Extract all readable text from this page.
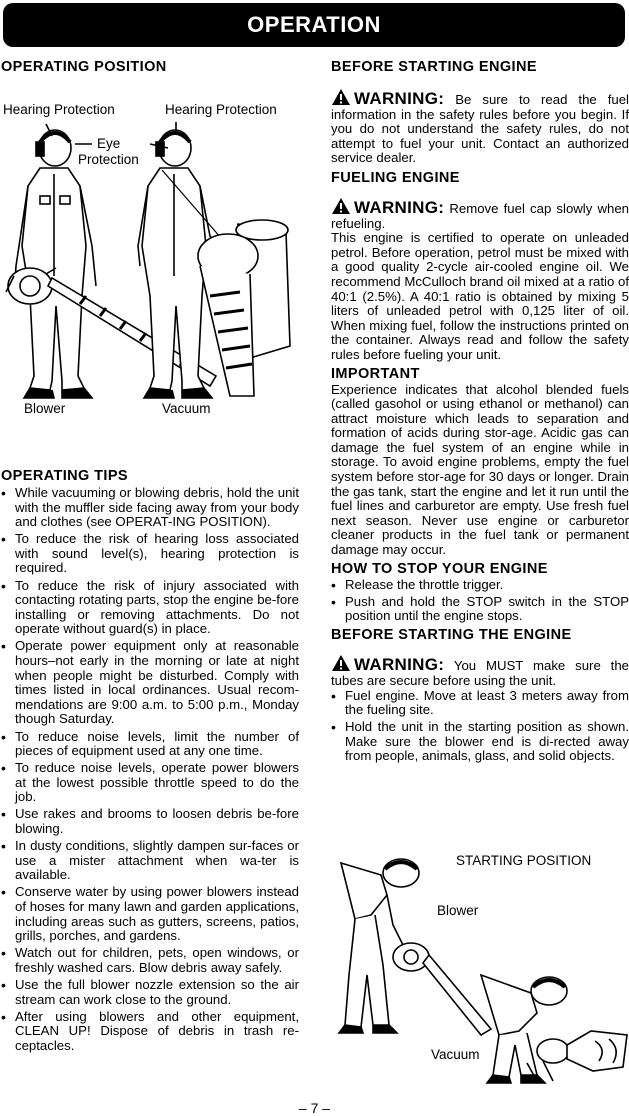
OPERATION
OPERATING POSITION
Hearing Protection	Hearing Protection
Eye
Protection
Blower	Vacuum
OPERATING TIPS
• While vacuuming or blowing debris, hold the unit with the muffler side facing away from your body and clothes (see OPERAT-ING POSITION).
• To reduce the risk of hearing loss associated with sound level(s), hearing protection is required.
• To reduce the risk of injury associated with contacting rotating parts, stop the engine be-fore installing or removing attachments. Do not operate without guard(s) in place.
• Operate power equipment only at reasonable hours–not early in the morning or late at night when people might be disturbed. Comply with times listed in local ordinances. Usual recom-mendations are 9:00 a.m. to 5:00 p.m., Monday though Saturday.
• To reduce noise levels, limit the number of pieces of equipment used at any one time.
• To reduce noise levels, operate power blowers at the lowest possible throttle speed to do the job.
• Use rakes and brooms to loosen debris be-fore blowing.
• In dusty conditions, slightly dampen sur-faces or use a mister attachment when wa-ter is available.
• Conserve water by using power blowers instead of hoses for many lawn and garden applications, including areas such as gutters, screens, patios, grills, porches, and gardens.
• Watch out for children, pets, open windows, or freshly washed cars. Blow debris away safely.
• Use the full blower nozzle extension so the air stream can work close to the ground.
• After using blowers and other equipment, CLEAN UP! Dispose of debris in trash re-ceptacles.
BEFORE STARTING ENGINE

WARNING: Be sure to read the fuel information in the safety rules before you begin. If you do not understand the safety rules, do not attempt to fuel your unit. Contact an authorized service dealer.

FUELING ENGINE

WARNING: Remove fuel cap slowly when refueling.

This engine is certified to operate on unleaded petrol. Before operation, petrol must be mixed with a good quality 2-cycle air-cooled engine oil. We recommend McCulloch brand oil mixed at a ratio of 40:1 (2.5%). A 40:1 ratio is obtained by mixing 5 liters of unleaded petrol with 0,125 liter of oil. When mixing fuel, follow the instructions printed on the container. Always read and follow the safety rules before fueling your unit.

IMPORTANT

Experience indicates that alcohol blended fuels (called gasohol or using ethanol or methanol) can attract moisture which leads to separation and formation of acids during stor-age. Acidic gas can damage the fuel system of an engine while in storage. To avoid engine problems, empty the fuel system before stor-age for 30 days or longer. Drain the gas tank, start the engine and let it run until the fuel lines and carburetor are empty. Use fresh fuel next season. Never use engine or carburetor cleaner products in the fuel tank or permanent damage may occur.

HOW TO STOP YOUR ENGINE
• Release the throttle trigger.
• Push and hold the STOP switch in the STOP position until the engine stops.
BEFORE STARTING THE ENGINE

WARNING: You MUST make sure the tubes are secure before using the unit.

• Fuel engine. Move at least 3 meters away from the fueling site.
• Hold the unit in the starting position as shown. Make sure the blower end is di-rected away from people, animals, glass, and solid objects.
STARTING POSITION
Blower
Vacuum
– 7 –
